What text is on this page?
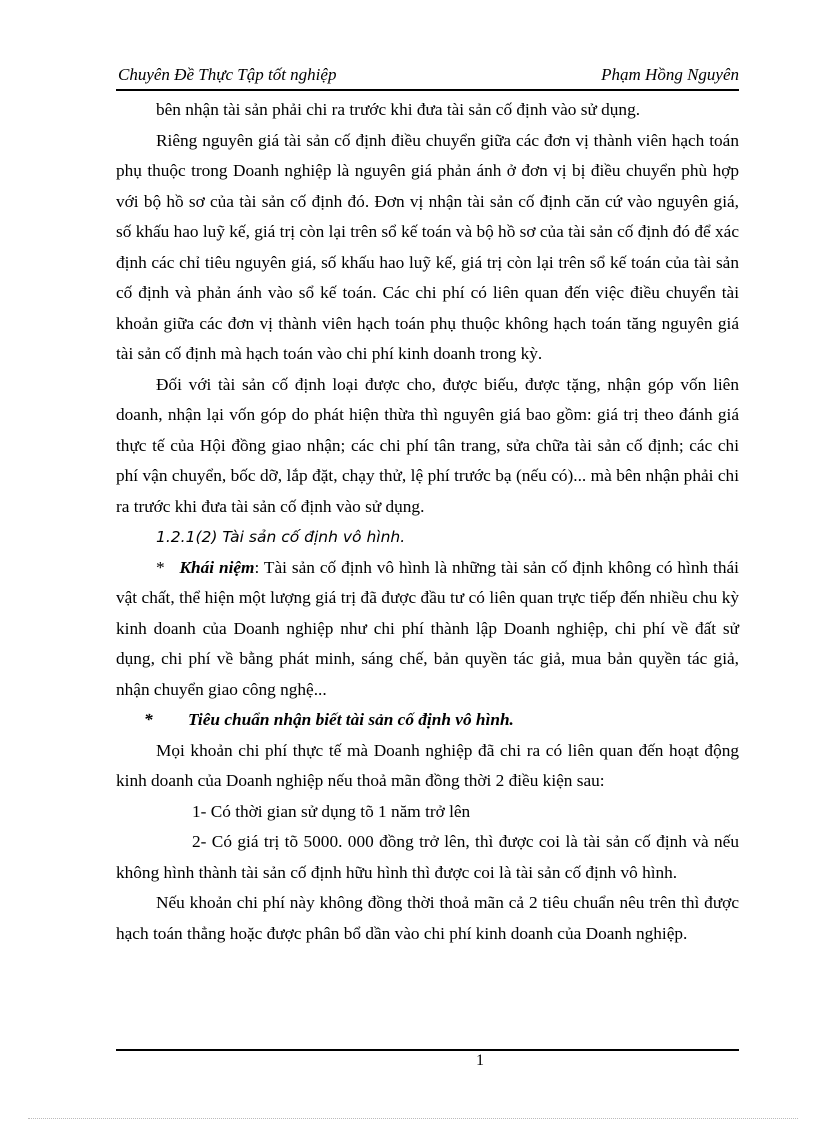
Chuyên Đề Thực Tập tốt nghiệp	Phạm Hồng Nguyên

bên nhận tài sản phải chi ra trước khi đưa tài sản cố định vào sử dụng.

Riêng nguyên giá tài sản cố định điều chuyển giữa các đơn vị thành viên hạch toán phụ thuộc trong Doanh nghiệp là nguyên giá phản ánh ở đơn vị bị điều chuyển phù hợp với bộ hồ sơ của tài sản cố định đó. Đơn vị nhận tài sản cố định căn cứ vào nguyên giá, số khấu hao luỹ kế, giá trị còn lại trên sổ kế toán và bộ hồ sơ của tài sản cố định đó để xác định các chỉ tiêu nguyên giá, số khấu hao luỹ kế, giá trị còn lại trên sổ kế toán của tài sản cố định và phản ánh vào sổ kế toán. Các chi phí có liên quan đến việc điều chuyển tài khoản giữa các đơn vị thành viên hạch toán phụ thuộc không hạch toán tăng nguyên giá tài sản cố định mà hạch toán vào chi phí kinh doanh trong kỳ.

Đối với tài sản cố định loại được cho, được biếu, được tặng, nhận góp vốn liên doanh, nhận lại vốn góp do phát hiện thừa thì nguyên giá bao gồm: giá trị theo đánh giá thực tế của Hội đồng giao nhận; các chi phí tân trang, sửa chữa tài sản cố định; các chi phí vận chuyển, bốc dỡ, lắp đặt, chạy thử, lệ phí trước bạ (nếu có)... mà bên nhận phải chi ra trước khi đưa tài sản cố định vào sử dụng.

1.2.1(2) Tài sản cố định vô hình.

* Khái niệm: Tài sản cố định vô hình là những tài sản cố định không có hình thái vật chất, thể hiện một lượng giá trị đã được đầu tư có liên quan trực tiếp đến nhiều chu kỳ kinh doanh của Doanh nghiệp như chi phí thành lập Doanh nghiệp, chi phí về đất sử dụng, chi phí về bằng phát minh, sáng chế, bản quyền tác giả, mua bản quyền tác giả, nhận chuyển giao công nghệ...

* Tiêu chuẩn nhận biết tài sản cố định vô hình.

Mọi khoản chi phí thực tế mà Doanh nghiệp đã chi ra có liên quan đến hoạt động kinh doanh của Doanh nghiệp nếu thoả mãn đồng thời 2 điều kiện sau:

1- Có thời gian sử dụng tõ 1 năm trở lên

2- Có giá trị tõ 5000. 000 đồng trở lên, thì được coi là tài sản cố định và nếu không hình thành tài sản cố định hữu hình thì được coi là tài sản cố định vô hình.

Nếu khoản chi phí này không đồng thời thoả mãn cả 2 tiêu chuẩn nêu trên thì được hạch toán thẳng hoặc được phân bổ dần vào chi phí kinh doanh của Doanh nghiệp.

1
